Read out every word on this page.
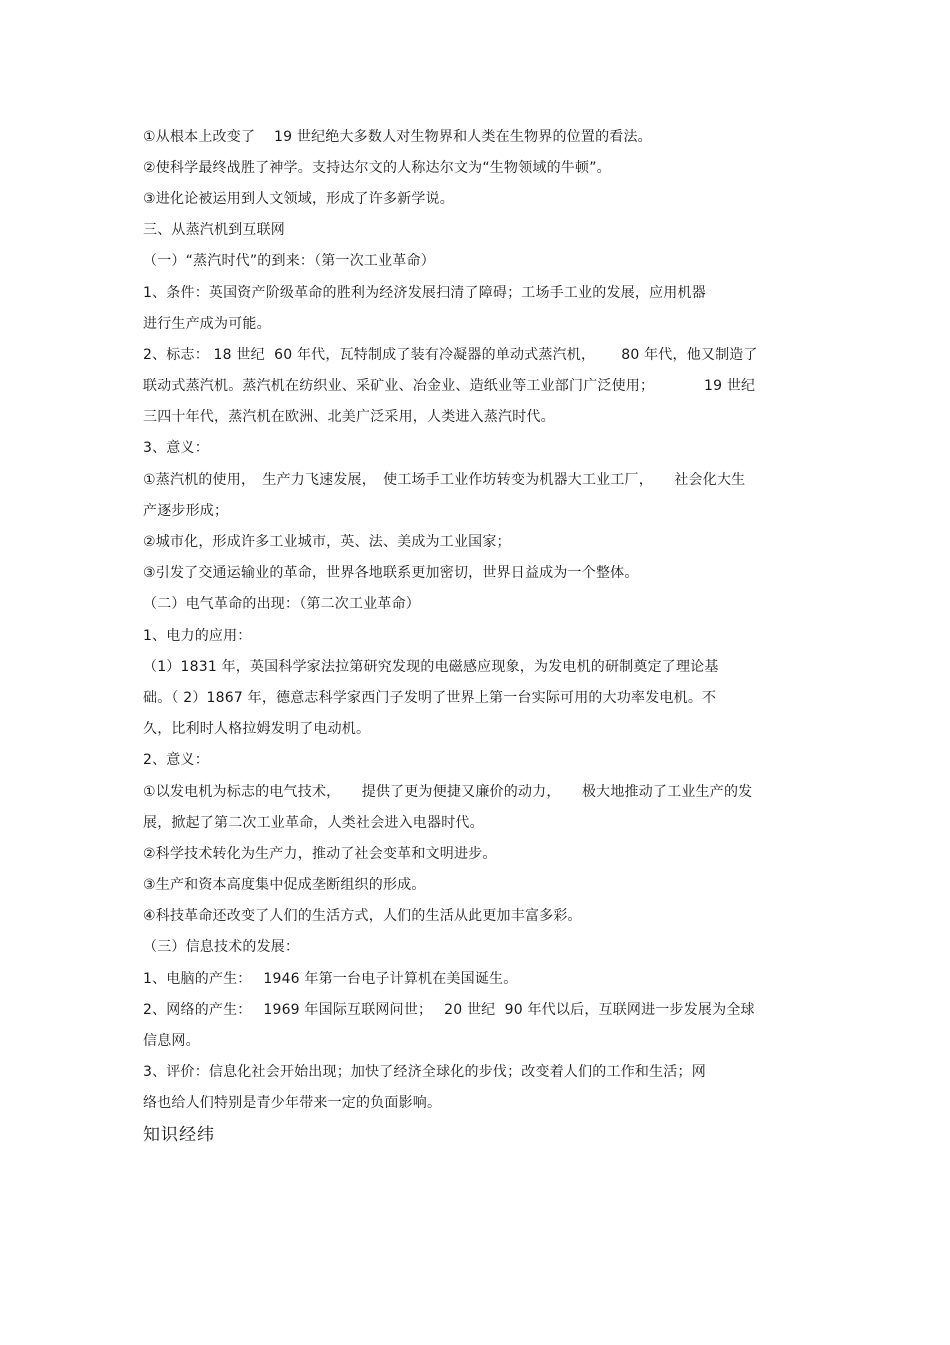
①从根本上改变了　 19 世纪绝大多数人对生物界和人类在生物界的位置的看法。
②使科学最终战胜了神学。支持达尔文的人称达尔文为“生物领域的牛顿”。
③进化论被运用到人文领域，形成了许多新学说。
三、从蒸汽机到互联网
（一）“蒸汽时代”的到来：（第一次工业革命）
1、条件：英国资产阶级革命的胜利为经济发展扫清了障碍；工场手工业的发展，应用机器
进行生产成为可能。
2、标志： 18 世纪  60 年代，瓦特制成了装有冷凝器的单动式蒸汽机，　　 80 年代，他又制造了
联动式蒸汽机。蒸汽机在纺织业、采矿业、冶金业、造纸业等工业部门广泛使用；　　　　19 世纪
三四十年代，蒸汽机在欧洲、北美广泛采用，人类进入蒸汽时代。
3、意义：
①蒸汽机的使用，　生产力飞速发展，　使工场手工业作坊转变为机器大工业工厂，　　社会化大生
产逐步形成；
②城市化，形成许多工业城市，英、法、美成为工业国家；
③引发了交通运输业的革命，世界各地联系更加密切，世界日益成为一个整体。
（二）电气革命的出现：（第二次工业革命）
1、电力的应用：
（1）1831 年，英国科学家法拉第研究发现的电磁感应现象，为发电机的研制奠定了理论基
础。（ 2）1867 年，德意志科学家西门子发明了世界上第一台实际可用的大功率发电机。不
久，比利时人格拉姆发明了电动机。
2、意义：
①以发电机为标志的电气技术，　　提供了更为便捷又廉价的动力，　　极大地推动了工业生产的发
展，掀起了第二次工业革命，人类社会进入电器时代。
②科学技术转化为生产力，推动了社会变革和文明进步。
③生产和资本高度集中促成垄断组织的形成。
④科技革命还改变了人们的生活方式，人们的生活从此更加丰富多彩。
（三）信息技术的发展：
1、电脑的产生：　 1946 年第一台电子计算机在美国诞生。
2、网络的产生：　 1969 年国际互联网问世；　 20 世纪  90 年代以后，互联网进一步发展为全球
信息网。
3、评价：信息化社会开始出现；加快了经济全球化的步伐；改变着人们的工作和生活；网
络也给人们特别是青少年带来一定的负面影响。
知识经纬
